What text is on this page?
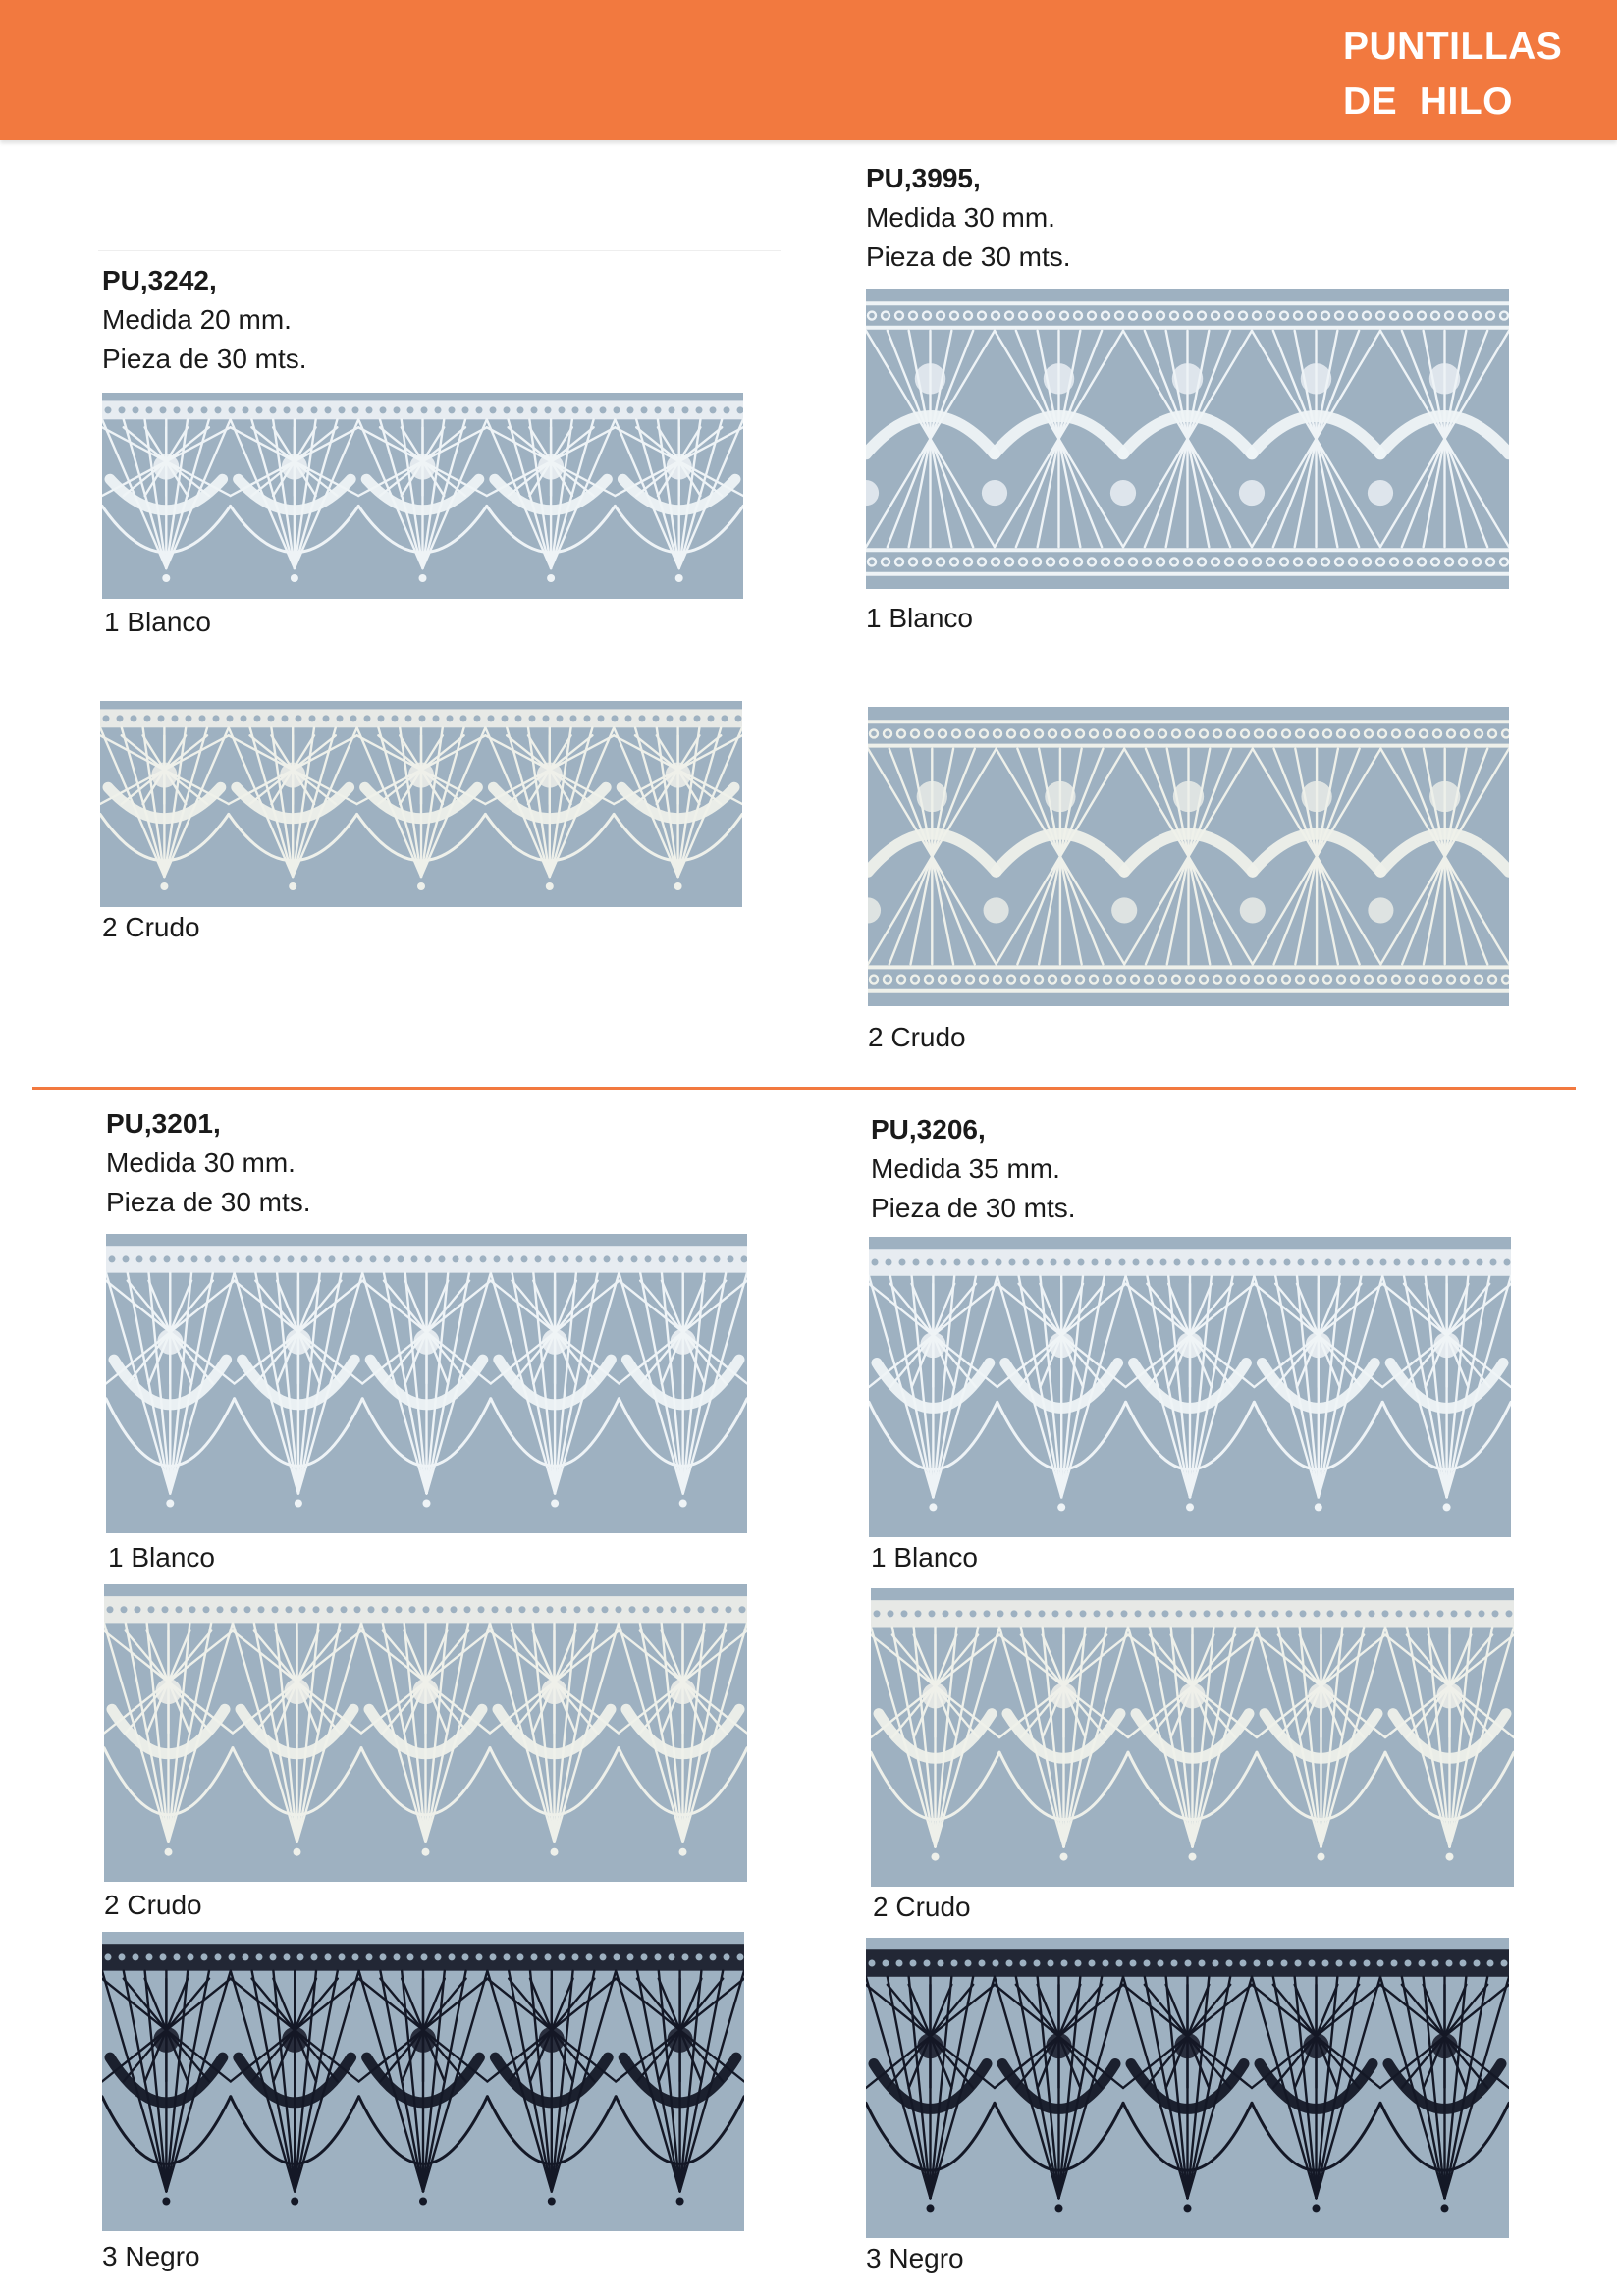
PUNTILLAS
DE  HILO
PU,3242,
Medida 20 mm.
Pieza de 30 mts.
1 Blanco
2 Crudo
PU,3995,
Medida 30 mm.
Pieza de 30 mts.
1 Blanco
2 Crudo
PU,3201,
Medida 30 mm.
Pieza de 30 mts.
1 Blanco
2 Crudo
3 Negro
PU,3206,
Medida 35 mm.
Pieza de 30 mts.
1 Blanco
2 Crudo
3 Negro
